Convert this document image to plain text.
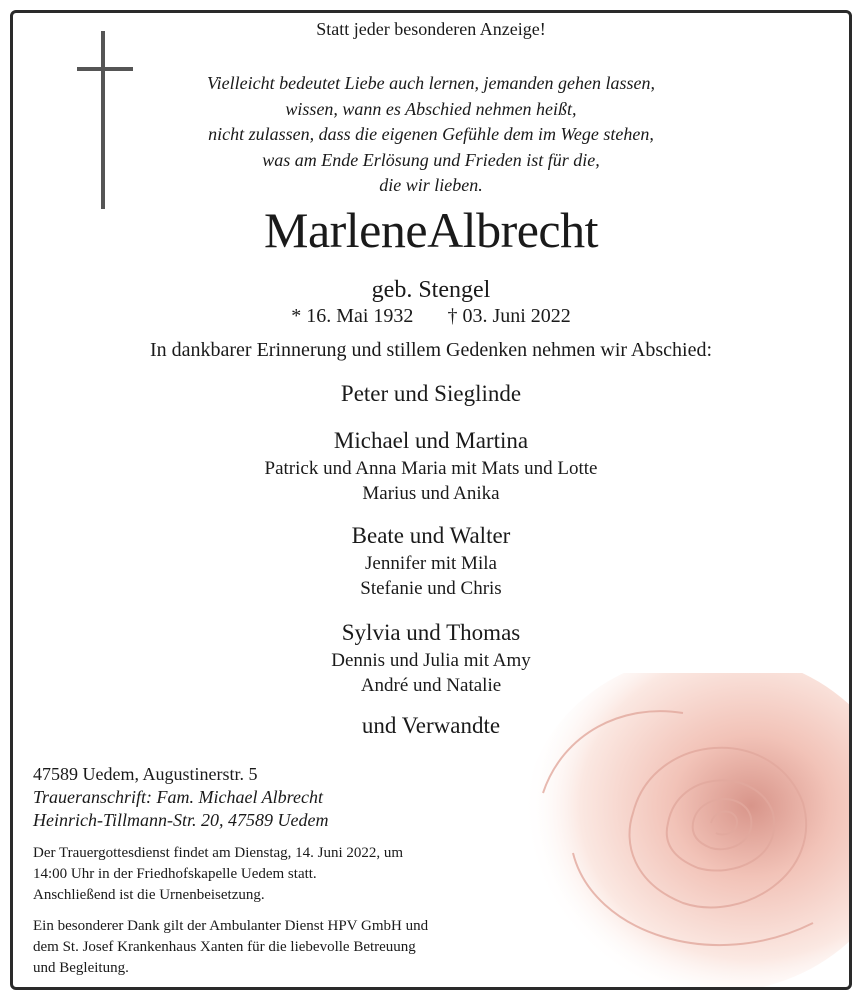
Statt jeder besonderen Anzeige!
Vielleicht bedeutet Liebe auch lernen, jemanden gehen lassen,
wissen, wann es Abschied nehmen heißt,
nicht zulassen, dass die eigenen Gefühle dem im Wege stehen,
was am Ende Erlösung und Frieden ist für die,
die wir lieben.
MarleneAlbrecht
geb. Stengel
* 16. Mai 1932 † 03. Juni 2022
In dankbarer Erinnerung und stillem Gedenken nehmen wir Abschied:
Peter und Sieglinde
Michael und Martina
Patrick und Anna Maria mit Mats und Lotte
Marius und Anika
Beate und Walter
Jennifer mit Mila
Stefanie und Chris
Sylvia und Thomas
Dennis und Julia mit Amy
André und Natalie
und Verwandte
47589 Uedem, Augustinerstr. 5
Traueranschrift: Fam. Michael Albrecht
Heinrich-Tillmann-Str. 20, 47589 Uedem
Der Trauergottesdienst findet am Dienstag, 14. Juni 2022, um
14:00 Uhr in der Friedhofskapelle Uedem statt.
Anschließend ist die Urnenbeisetzung.
Ein besonderer Dank gilt der Ambulanter Dienst HPV GmbH und
dem St. Josef Krankenhaus Xanten für die liebevolle Betreuung
und Begleitung.
